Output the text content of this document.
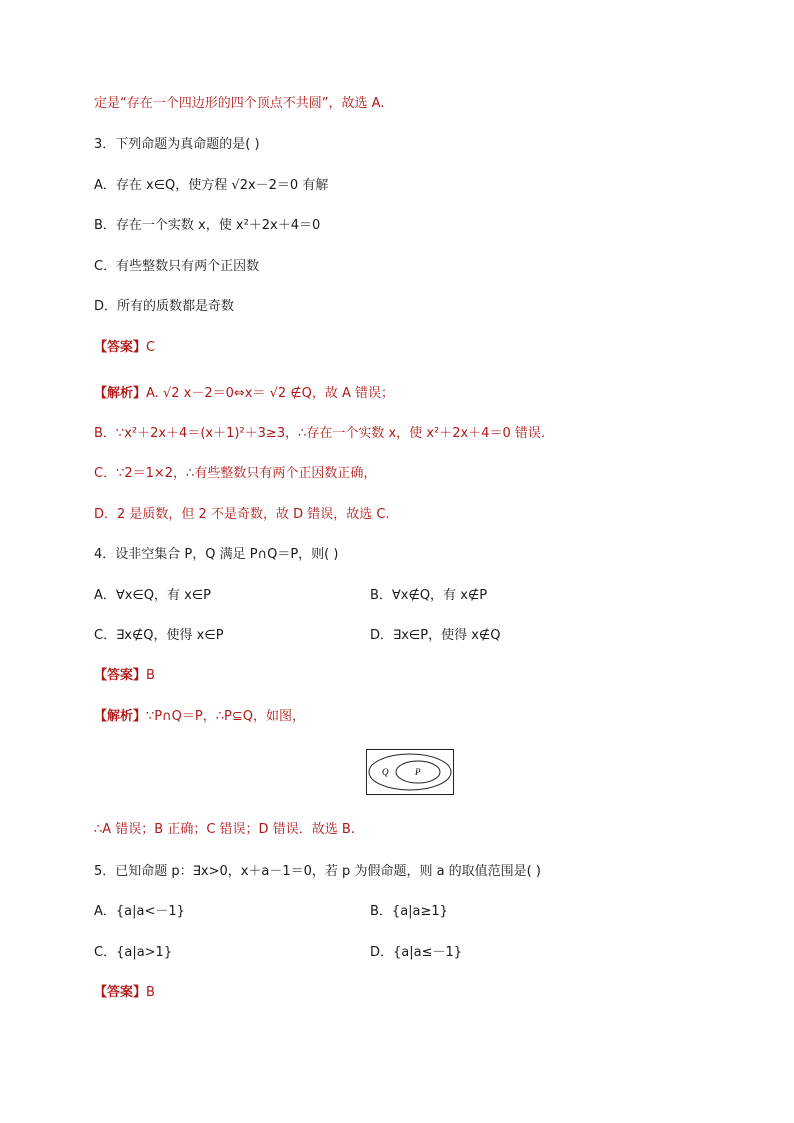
定是“存在一个四边形的四个顶点不共圆”，故选 A.
3．下列命题为真命题的是( )
A．存在 x∈Q，使方程 √2x－2＝0 有解
B．存在一个实数 x，使 x²＋2x＋4＝0
C．有些整数只有两个正因数
D．所有的质数都是奇数
【答案】C
【解析】A. √2 x－2＝0⇔x＝ √2 ∉Q，故 A 错误；
B．∵x²＋2x＋4＝(x＋1)²＋3≥3，∴存在一个实数 x，使 x²＋2x＋4＝0 错误.
C．∵2＝1×2，∴有些整数只有两个正因数正确，
D．2 是质数，但 2 不是奇数，故 D 错误，故选 C.
4．设非空集合 P，Q 满足 P∩Q＝P，则( )
A．∀x∈Q，有 x∈P	B．∀x∉Q，有 x∉P
C．∃x∉Q，使得 x∈P	D．∃x∈P，使得 x∉Q
【答案】B
【解析】∵P∩Q＝P，∴P⊆Q，如图，
Q	P
∴A 错误；B 正确；C 错误；D 错误．故选 B.
5．已知命题 p：∃x>0，x＋a－1＝0，若 p 为假命题，则 a 的取值范围是( )
A．{a|a<－1}	B．{a|a≥1}
C．{a|a>1}	D．{a|a≤－1}
【答案】B
